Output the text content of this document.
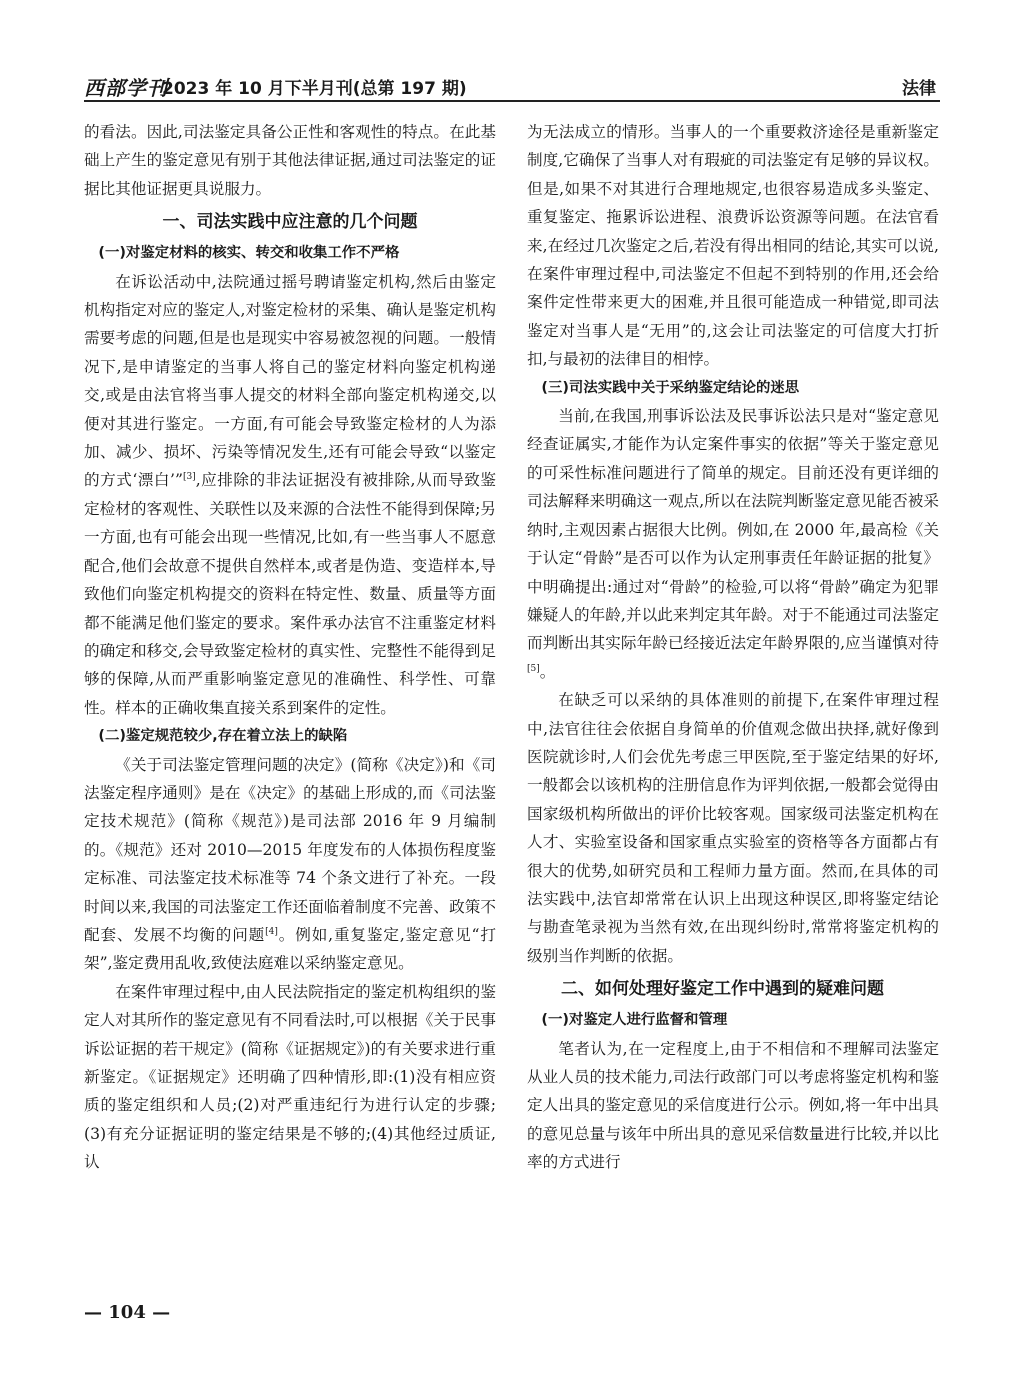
西部学刊
2023 年 10 月下半月刊(总第 197 期)	法律

的看法。因此,司法鉴定具备公正性和客观性的特点。在此基础上产生的鉴定意见有别于其他法律证据,通过司法鉴定的证据比其他证据更具说服力。

一、司法实践中应注意的几个问题
(一)对鉴定材料的核实、转交和收集工作不严格

在诉讼活动中,法院通过摇号聘请鉴定机构,然后由鉴定机构指定对应的鉴定人,对鉴定检材的采集、确认是鉴定机构需要考虑的问题,但是也是现实中容易被忽视的问题。一般情况下,是申请鉴定的当事人将自己的鉴定材料向鉴定机构递交,或是由法官将当事人提交的材料全部向鉴定机构递交,以便对其进行鉴定。一方面,有可能会导致鉴定检材的人为添加、减少、损坏、污染等情况发生,还有可能会导致“以鉴定的方式‘漂白’”[3],应排除的非法证据没有被排除,从而导致鉴定检材的客观性、关联性以及来源的合法性不能得到保障;另一方面,也有可能会出现一些情况,比如,有一些当事人不愿意配合,他们会故意不提供自然样本,或者是伪造、变造样本,导致他们向鉴定机构提交的资料在特定性、数量、质量等方面都不能满足他们鉴定的要求。案件承办法官不注重鉴定材料的确定和移交,会导致鉴定检材的真实性、完整性不能得到足够的保障,从而严重影响鉴定意见的准确性、科学性、可靠性。样本的正确收集直接关系到案件的定性。

(二)鉴定规范较少,存在着立法上的缺陷

《关于司法鉴定管理问题的决定》(简称《决定》)和《司法鉴定程序通则》是在《决定》的基础上形成的,而《司法鉴定技术规范》(简称《规范》)是司法部 2016 年 9 月编制的。《规范》还对 2010—2015 年度发布的人体损伤程度鉴定标准、司法鉴定技术标准等 74 个条文进行了补充。一段时间以来,我国的司法鉴定工作还面临着制度不完善、政策不配套、发展不均衡的问题[4]。例如,重复鉴定,鉴定意见“打架”,鉴定费用乱收,致使法庭难以采纳鉴定意见。

在案件审理过程中,由人民法院指定的鉴定机构组织的鉴定人对其所作的鉴定意见有不同看法时,可以根据《关于民事诉讼证据的若干规定》(简称《证据规定》)的有关要求进行重新鉴定。《证据规定》还明确了四种情形,即:(1)没有相应资质的鉴定组织和人员;(2)对严重违纪行为进行认定的步骤;(3)有充分证据证明的鉴定结果是不够的;(4)其他经过质证,认

为无法成立的情形。当事人的一个重要救济途径是重新鉴定制度,它确保了当事人对有瑕疵的司法鉴定有足够的异议权。但是,如果不对其进行合理地规定,也很容易造成多头鉴定、重复鉴定、拖累诉讼进程、浪费诉讼资源等问题。在法官看来,在经过几次鉴定之后,若没有得出相同的结论,其实可以说,在案件审理过程中,司法鉴定不但起不到特别的作用,还会给案件定性带来更大的困难,并且很可能造成一种错觉,即司法鉴定对当事人是“无用”的,这会让司法鉴定的可信度大打折扣,与最初的法律目的相悖。

(三)司法实践中关于采纳鉴定结论的迷思

当前,在我国,刑事诉讼法及民事诉讼法只是对“鉴定意见经查证属实,才能作为认定案件事实的依据”等关于鉴定意见的可采性标准问题进行了简单的规定。目前还没有更详细的司法解释来明确这一观点,所以在法院判断鉴定意见能否被采纳时,主观因素占据很大比例。例如,在 2000 年,最高检《关于认定“骨龄”是否可以作为认定刑事责任年龄证据的批复》中明确提出:通过对“骨龄”的检验,可以将“骨龄”确定为犯罪嫌疑人的年龄,并以此来判定其年龄。对于不能通过司法鉴定而判断出其实际年龄已经接近法定年龄界限的,应当谨慎对待[5]。

在缺乏可以采纳的具体准则的前提下,在案件审理过程中,法官往往会依据自身简单的价值观念做出抉择,就好像到医院就诊时,人们会优先考虑三甲医院,至于鉴定结果的好坏,一般都会以该机构的注册信息作为评判依据,一般都会觉得由国家级机构所做出的评价比较客观。国家级司法鉴定机构在人才、实验室设备和国家重点实验室的资格等各方面都占有很大的优势,如研究员和工程师力量方面。然而,在具体的司法实践中,法官却常常在认识上出现这种误区,即将鉴定结论与勘查笔录视为当然有效,在出现纠纷时,常常将鉴定机构的级别当作判断的依据。

二、如何处理好鉴定工作中遇到的疑难问题
(一)对鉴定人进行监督和管理

笔者认为,在一定程度上,由于不相信和不理解司法鉴定从业人员的技术能力,司法行政部门可以考虑将鉴定机构和鉴定人出具的鉴定意见的采信度进行公示。例如,将一年中出具的意见总量与该年中所出具的意见采信数量进行比较,并以比率的方式进行

— 104 —
